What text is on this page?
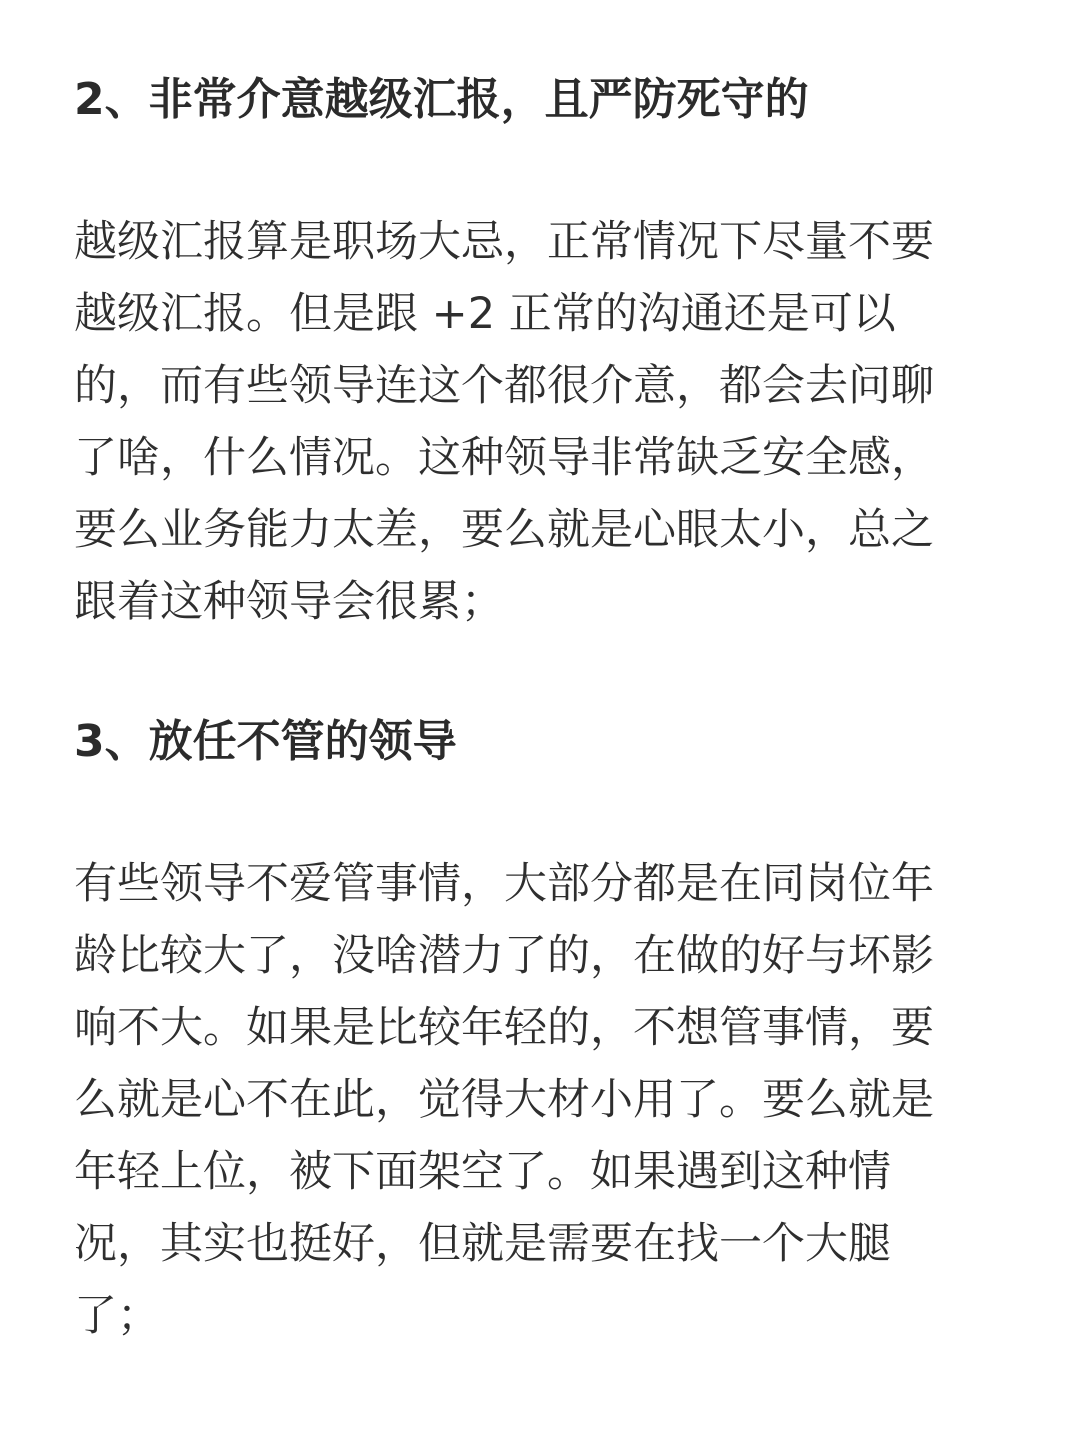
2、非常介意越级汇报，且严防死守的
越级汇报算是职场大忌，正常情况下尽量不要
越级汇报。但是跟 +2 正常的沟通还是可以
的，而有些领导连这个都很介意，都会去问聊
了啥，什么情况。这种领导非常缺乏安全感，
要么业务能力太差，要么就是心眼太小，总之
跟着这种领导会很累；
3、放任不管的领导
有些领导不爱管事情，大部分都是在同岗位年
龄比较大了，没啥潜力了的，在做的好与坏影
响不大。如果是比较年轻的，不想管事情，要
么就是心不在此，觉得大材小用了。要么就是
年轻上位，被下面架空了。如果遇到这种情
况，其实也挺好，但就是需要在找一个大腿
了；
